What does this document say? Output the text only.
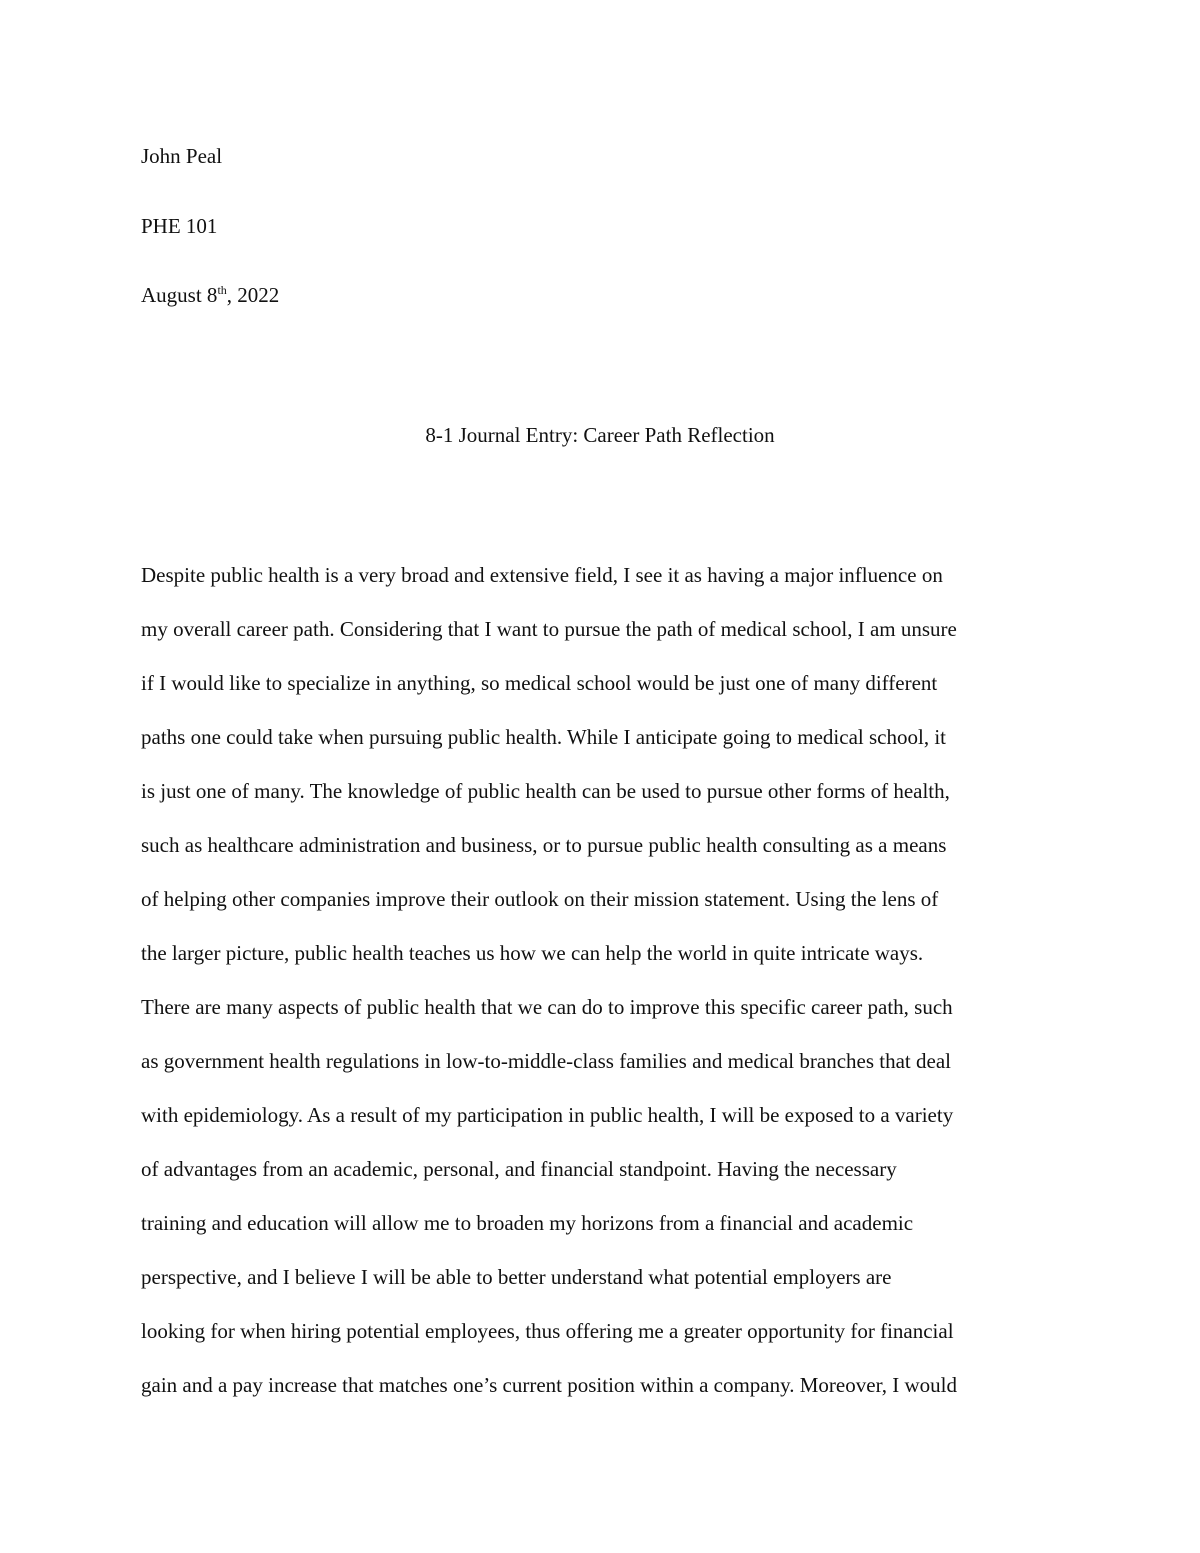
John Peal
PHE 101
August 8th, 2022
8-1 Journal Entry: Career Path Reflection
Despite public health is a very broad and extensive field, I see it as having a major influence on
my overall career path. Considering that I want to pursue the path of medical school, I am unsure
if I would like to specialize in anything, so medical school would be just one of many different
paths one could take when pursuing public health. While I anticipate going to medical school, it
is just one of many. The knowledge of public health can be used to pursue other forms of health,
such as healthcare administration and business, or to pursue public health consulting as a means
of helping other companies improve their outlook on their mission statement. Using the lens of
the larger picture, public health teaches us how we can help the world in quite intricate ways.
There are many aspects of public health that we can do to improve this specific career path, such
as government health regulations in low-to-middle-class families and medical branches that deal
with epidemiology. As a result of my participation in public health, I will be exposed to a variety
of advantages from an academic, personal, and financial standpoint. Having the necessary
training and education will allow me to broaden my horizons from a financial and academic
perspective, and I believe I will be able to better understand what potential employers are
looking for when hiring potential employees, thus offering me a greater opportunity for financial
gain and a pay increase that matches one’s current position within a company. Moreover, I would
